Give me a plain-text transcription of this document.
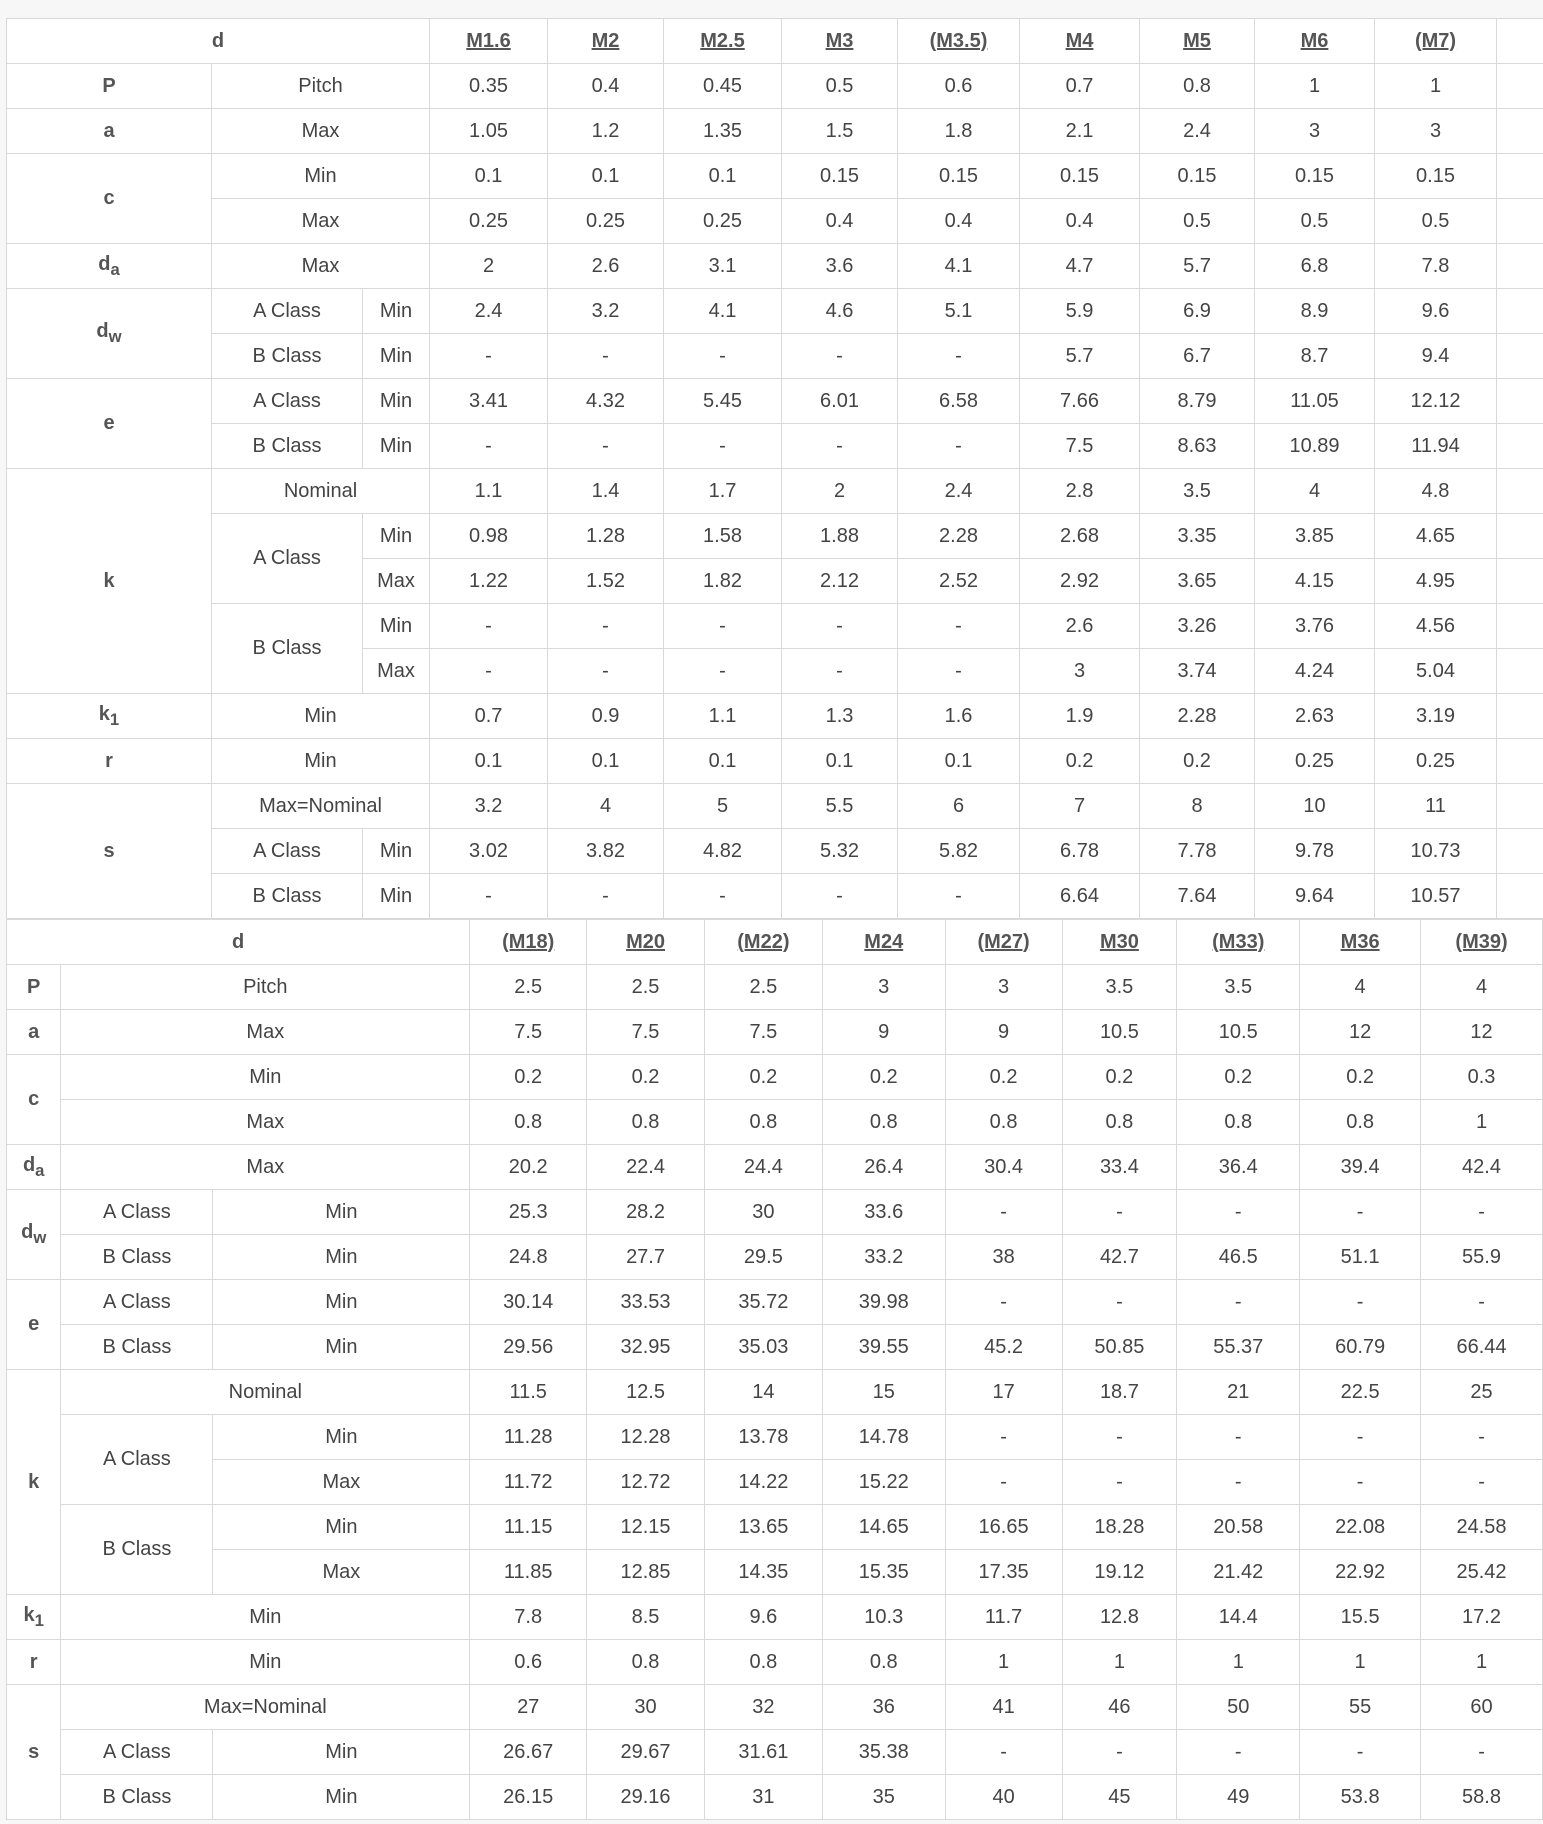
d			M1.6	M2	M2.5	M3	(M3.5)	M4	M5	M6	(M7)	
P	Pitch		0.35	0.4	0.45	0.5	0.6	0.7	0.8	1	1	
a	Max		1.05	1.2	1.35	1.5	1.8	2.1	2.4	3	3	
c	Min		0.1	0.1	0.1	0.15	0.15	0.15	0.15	0.15	0.15	
	Max		0.25	0.25	0.25	0.4	0.4	0.4	0.5	0.5	0.5	
$d_a$	Max		2	2.6	3.1	3.6	4.1	4.7	5.7	6.8	7.8	
$d_w$	A Class	Min	2.4	3.2	4.1	4.6	5.1	5.9	6.9	8.9	9.6	
	B Class	Min	-	-	-	-	-	5.7	6.7	8.7	9.4	
e	A Class	Min	3.41	4.32	5.45	6.01	6.58	7.66	8.79	11.05	12.12	
	B Class	Min	-	-	-	-	-	7.5	8.63	10.89	11.94	
k	Nominal		1.1	1.4	1.7	2	2.4	2.8	3.5	4	4.8	
	A Class	Min	0.98	1.28	1.58	1.88	2.28	2.68	3.35	3.85	4.65	
		Max	1.22	1.52	1.82	2.12	2.52	2.92	3.65	4.15	4.95	
	B Class	Min	-	-	-	-	-	2.6	3.26	3.76	4.56	
		Max	-	-	-	-	-	3	3.74	4.24	5.04	
$k_1$	Min		0.7	0.9	1.1	1.3	1.6	1.9	2.28	2.63	3.19	
r	Min		0.1	0.1	0.1	0.1	0.1	0.2	0.2	0.25	0.25	
s	Max=Nominal		3.2	4	5	5.5	6	7	8	10	11	
	A Class	Min	3.02	3.82	4.82	5.32	5.82	6.78	7.78	9.78	10.73	
	B Class	Min	-	-	-	-	-	6.64	7.64	9.64	10.57	
d			(M18)	M20	(M22)	M24	(M27)	M30	(M33)	M36	(M39)
P	Pitch		2.5	2.5	2.5	3	3	3.5	3.5	4	4
a	Max		7.5	7.5	7.5	9	9	10.5	10.5	12	12
c	Min		0.2	0.2	0.2	0.2	0.2	0.2	0.2	0.2	0.3
	Max		0.8	0.8	0.8	0.8	0.8	0.8	0.8	0.8	1
$d_a$	Max		20.2	22.4	24.4	26.4	30.4	33.4	36.4	39.4	42.4
$d_w$	A Class	Min	25.3	28.2	30	33.6	-	-	-	-	-
	B Class	Min	24.8	27.7	29.5	33.2	38	42.7	46.5	51.1	55.9
e	A Class	Min	30.14	33.53	35.72	39.98	-	-	-	-	-
	B Class	Min	29.56	32.95	35.03	39.55	45.2	50.85	55.37	60.79	66.44
k	Nominal		11.5	12.5	14	15	17	18.7	21	22.5	25
	A Class	Min	11.28	12.28	13.78	14.78	-	-	-	-	-
		Max	11.72	12.72	14.22	15.22	-	-	-	-	-
	B Class	Min	11.15	12.15	13.65	14.65	16.65	18.28	20.58	22.08	24.58
		Max	11.85	12.85	14.35	15.35	17.35	19.12	21.42	22.92	25.42
$k_1$	Min		7.8	8.5	9.6	10.3	11.7	12.8	14.4	15.5	17.2
r	Min		0.6	0.8	0.8	0.8	1	1	1	1	1
s	Max=Nominal		27	30	32	36	41	46	50	55	60
	A Class	Min	26.67	29.67	31.61	35.38	-	-	-	-	-
	B Class	Min	26.15	29.16	31	35	40	45	49	53.8	58.8
